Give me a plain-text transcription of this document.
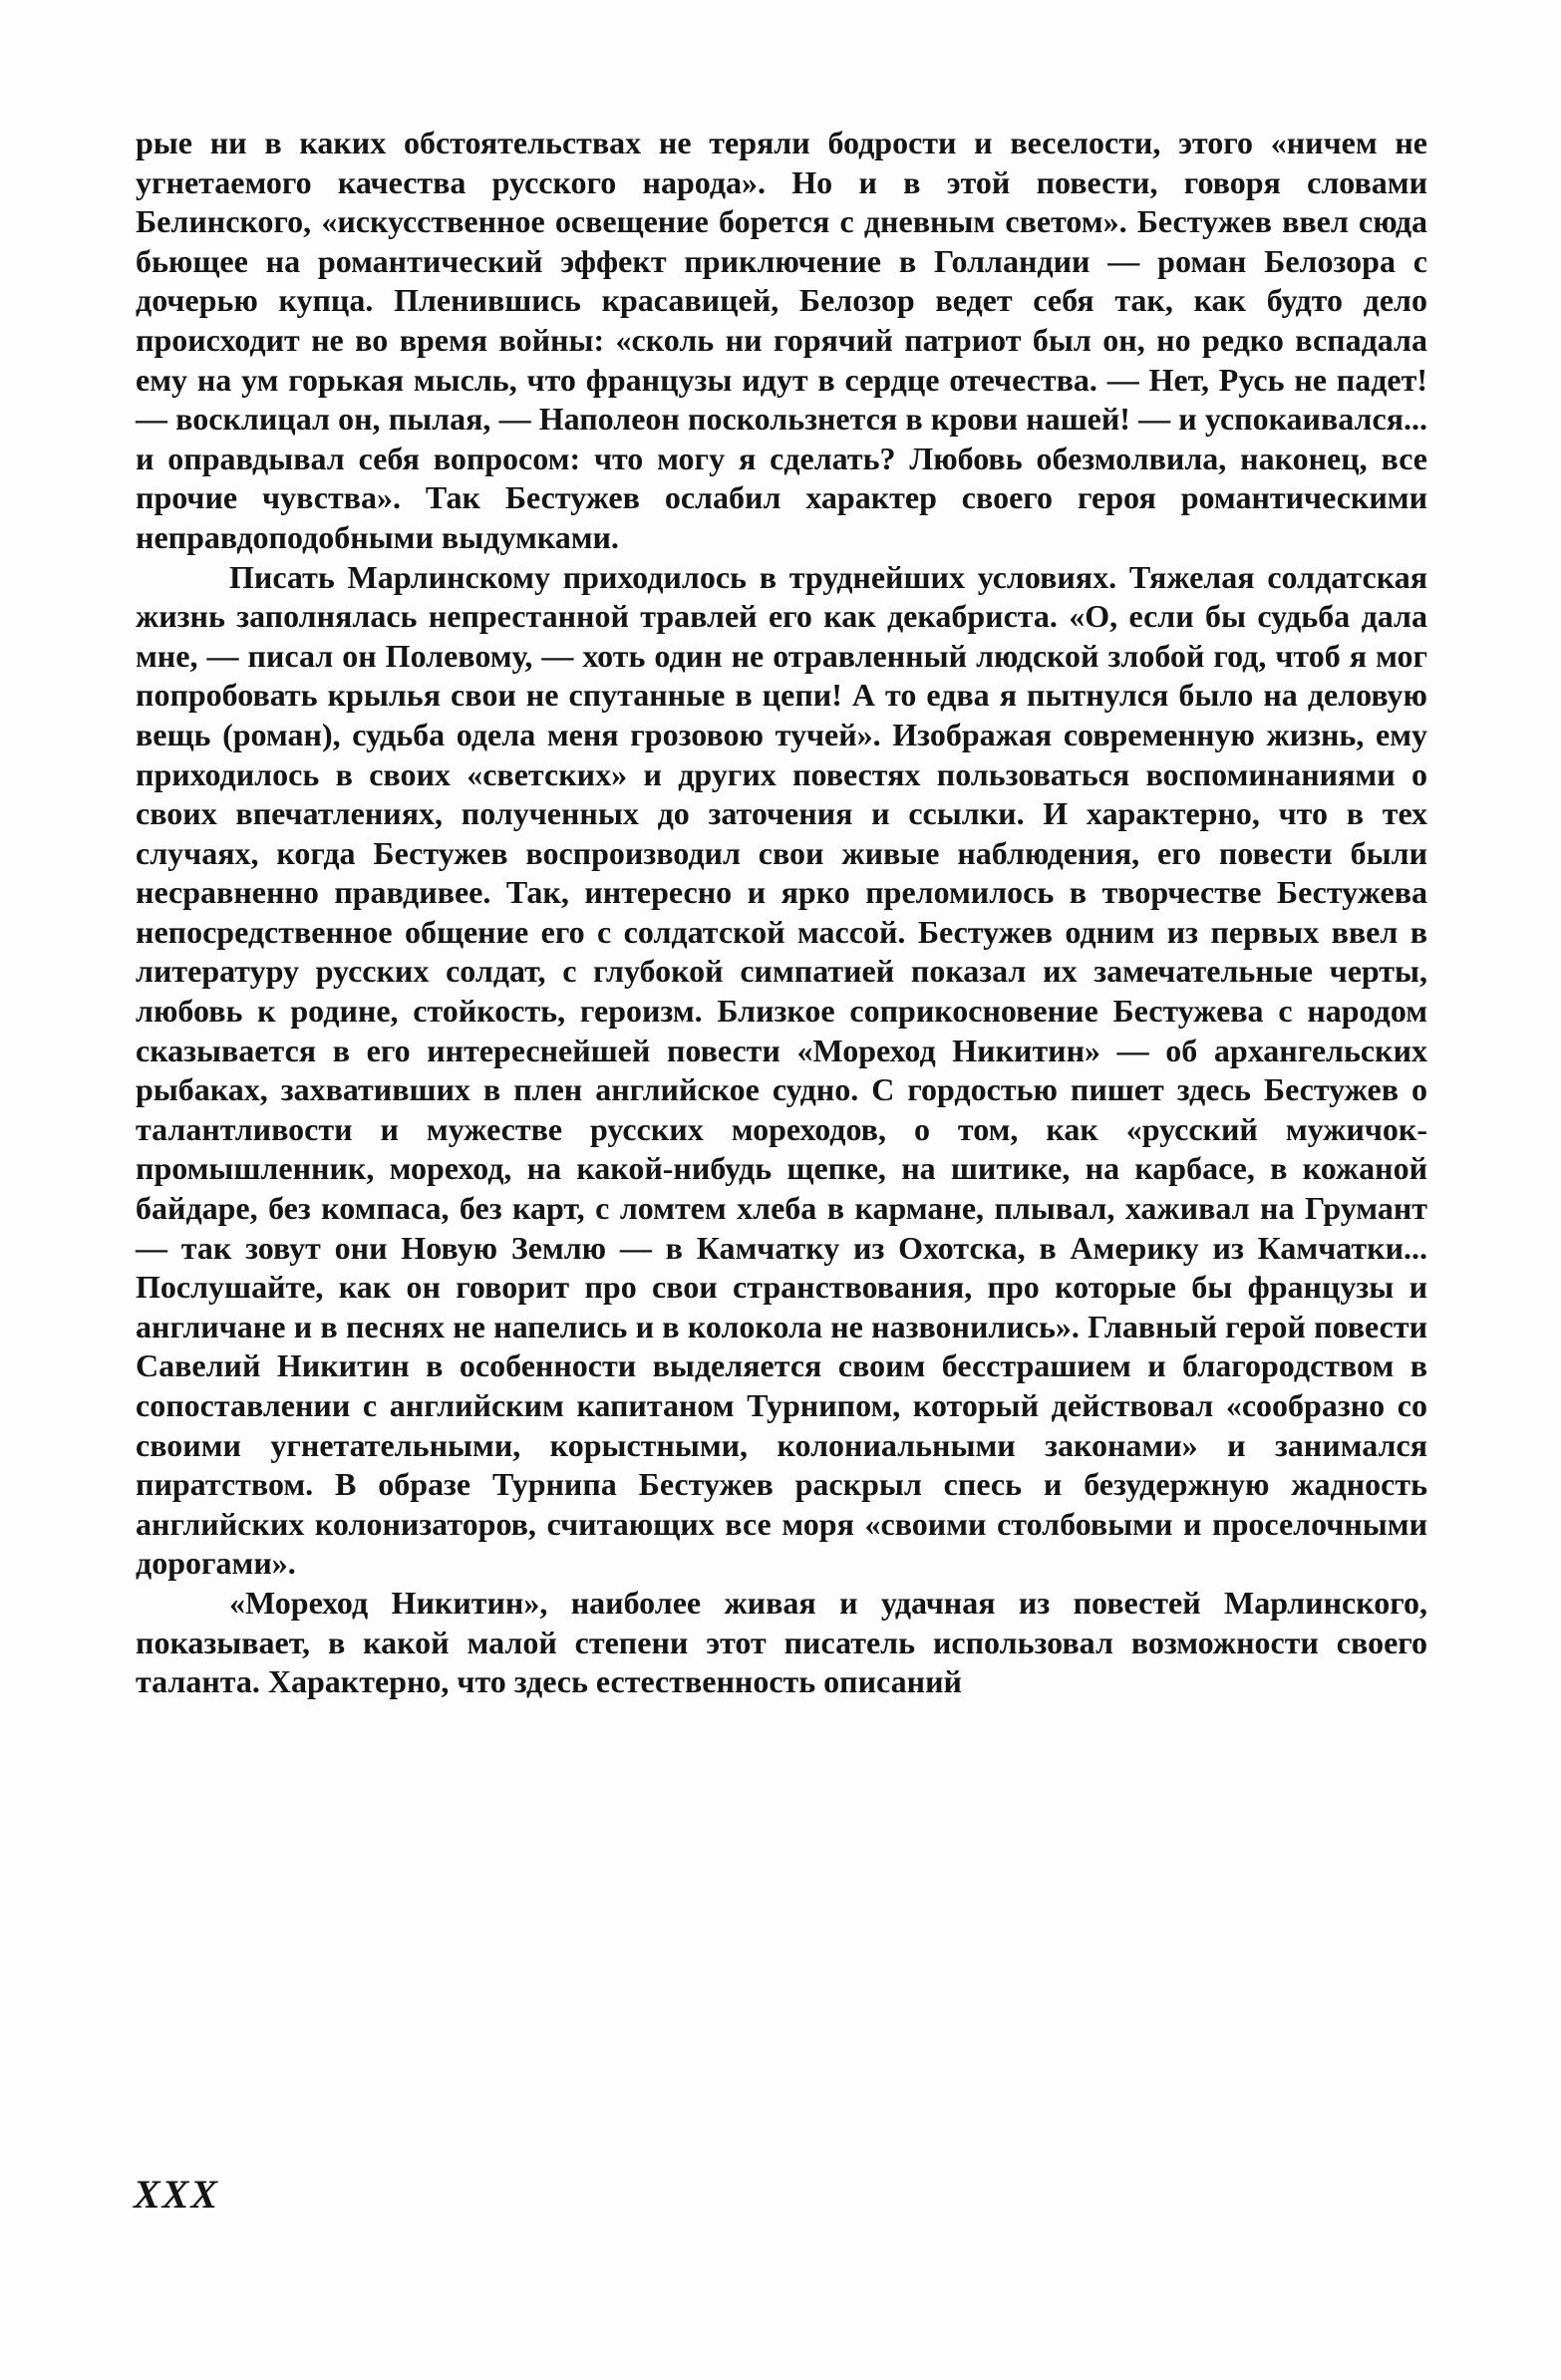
рые ни в каких обстоятельствах не теряли бодрости и веселости, этого «ничем не угнетаемого качества русского народа». Но и в этой повести, говоря словами Белинского, «искусственное освещение борется с дневным светом». Бестужев ввел сюда бьющее на романтический эффект приключение в Голландии — роман Белозора с дочерью купца. Пленившись красавицей, Белозор ведет себя так, как будто дело происходит не во время войны: «сколь ни горячий патриот был он, но редко вспадала ему на ум горькая мысль, что французы идут в сердце отечества. — Нет, Русь не падет! — восклицал он, пылая, — Наполеон поскользнется в крови нашей! — и успокаивался... и оправдывал себя вопросом: что могу я сделать? Любовь обезмолвила, наконец, все прочие чувства». Так Бестужев ослабил характер своего героя романтическими неправдоподобными выдумками.

Писать Марлинскому приходилось в труднейших условиях. Тяжелая солдатская жизнь заполнялась непрестанной травлей его как декабриста. «О, если бы судьба дала мне, — писал он Полевому, — хоть один не отравленный людской злобой год, чтоб я мог попробовать крылья свои не спутанные в цепи! А то едва я пытнулся было на деловую вещь (роман), судьба одела меня грозовою тучей». Изображая современную жизнь, ему приходилось в своих «светских» и других повестях пользоваться воспоминаниями о своих впечатлениях, полученных до заточения и ссылки. И характерно, что в тех случаях, когда Бестужев воспроизводил свои живые наблюдения, его повести были несравненно правдивее. Так, интересно и ярко преломилось в творчестве Бестужева непосредственное общение его с солдатской массой. Бестужев одним из первых ввел в литературу русских солдат, с глубокой симпатией показал их замечательные черты, любовь к родине, стойкость, героизм. Близкое соприкосновение Бестужева с народом сказывается в его интереснейшей повести «Мореход Никитин» — об архангельских рыбаках, захвативших в плен английское судно. С гордостью пишет здесь Бестужев о талантливости и мужестве русских мореходов, о том, как «русский мужичок-промышленник, мореход, на какой-нибудь щепке, на шитике, на карбасе, в кожаной байдаре, без компаса, без карт, с ломтем хлеба в кармане, плывал, хаживал на Грумант — так зовут они Новую Землю — в Камчатку из Охотска, в Америку из Камчатки... Послушайте, как он говорит про свои странствования, про которые бы французы и англичане и в песнях не напелись и в колокола не назвонились». Главный герой повести Савелий Никитин в особенности выделяется своим бесстрашием и благородством в сопоставлении с английским капитаном Турнипом, который действовал «сообразно со своими угнетательными, корыстными, колониальными законами» и занимался пиратством. В образе Турнипа Бестужев раскрыл спесь и безудержную жадность английских колонизаторов, считающих все моря «своими столбовыми и проселочными дорогами».

«Мореход Никитин», наиболее живая и удачная из повестей Марлинского, показывает, в какой малой степени этот писатель использовал возможности своего таланта. Характерно, что здесь естественность описаний

XXX
